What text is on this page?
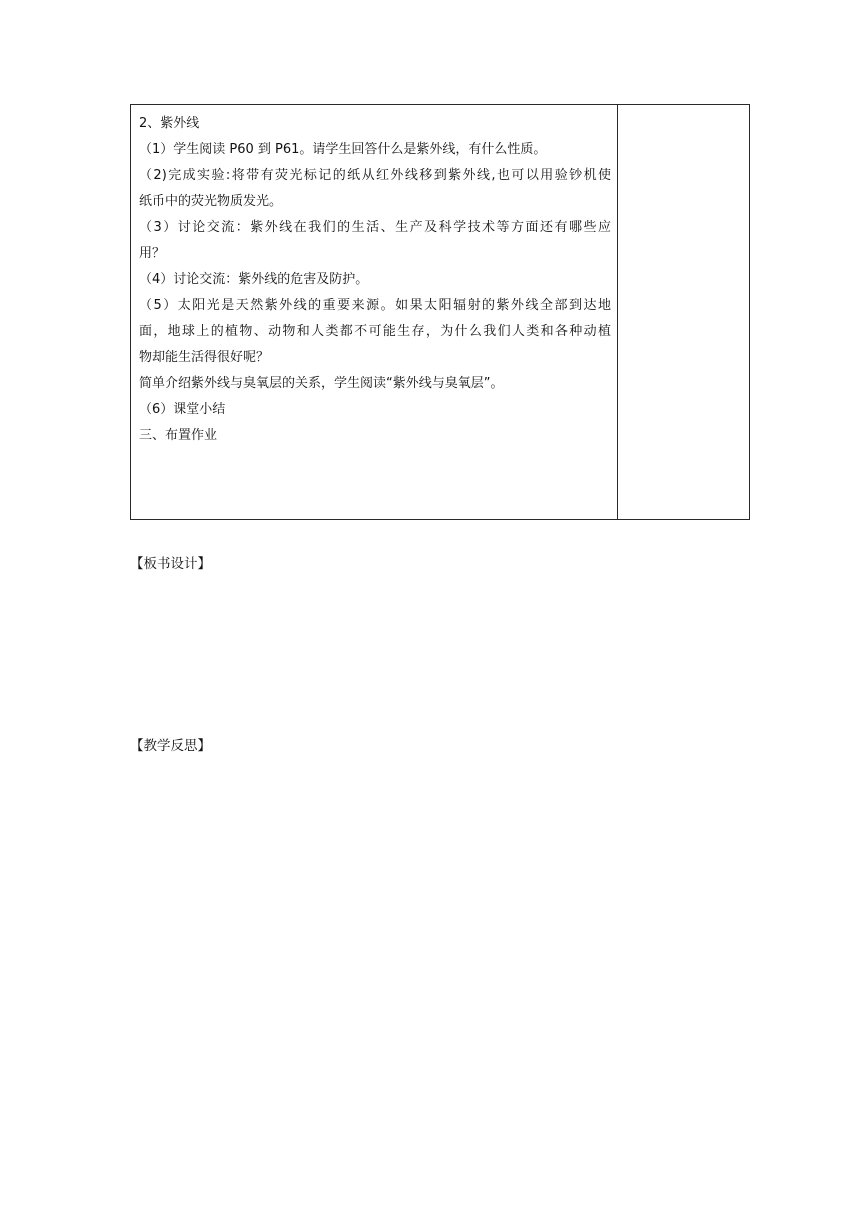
2、紫外线
（1）学生阅读 P60 到 P61。请学生回答什么是紫外线，有什么性质。
（2)完成实验:将带有荧光标记的纸从红外线移到紫外线,也可以用验钞机使
纸币中的荧光物质发光。
（3）讨论交流：紫外线在我们的生活、生产及科学技术等方面还有哪些应
用？
（4）讨论交流：紫外线的危害及防护。
（5）太阳光是天然紫外线的重要来源。如果太阳辐射的紫外线全部到达地
面，地球上的植物、动物和人类都不可能生存，为什么我们人类和各种动植
物却能生活得很好呢？
简单介绍紫外线与臭氧层的关系，学生阅读“紫外线与臭氧层”。
（6）课堂小结
三、布置作业
【板书设计】
【教学反思】
